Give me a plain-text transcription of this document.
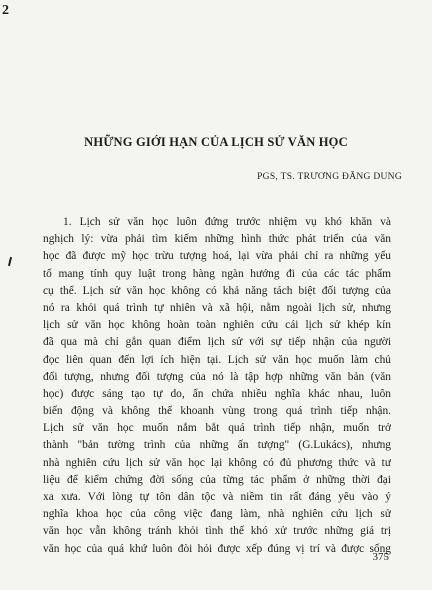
2
NHỮNG GIỚI HẠN CỦA LỊCH SỬ VĂN HỌC
PGS, TS. TRƯƠNG ĐĂNG DUNG
1. Lịch sử văn học luôn đứng trước nhiệm vụ khó khăn và
nghịch lý: vừa phải tìm kiếm những hình thức phát triển của văn
học đã được mỹ học trừu tượng hoá, lại vừa phải chỉ ra những yếu
tố mang tính quy luật trong hàng ngàn hướng đi của các tác phẩm
cụ thể. Lịch sử văn học không có khả năng tách biệt đối tượng của
nó ra khỏi quá trình tự nhiên và xã hội, nằm ngoài lịch sử, nhưng
lịch sử văn học không hoàn toàn nghiên cứu cái lịch sử khép kín
đã qua mà chỉ gắn quan điểm lịch sử với sự tiếp nhận của người
đọc liên quan đến lợi ích hiện tại. Lịch sử văn học muốn làm chủ
đối tượng, nhưng đối tượng của nó là tập hợp những văn bản (văn
học) được sáng tạo tự do, ẩn chứa nhiều nghĩa khác nhau, luôn
biến động và không thể khoanh vùng trong quá trình tiếp nhận.
Lịch sử văn học muốn nắm bắt quá trình tiếp nhận, muốn trở
thành "bản tường trình của những ấn tượng" (G.Lukács), nhưng
nhà nghiên cứu lịch sử văn học lại không có đủ phương thức và tư
liệu để kiểm chứng đời sống của từng tác phẩm ở những thời đại
xa xưa. Với lòng tự tôn dân tộc và niềm tin rất đáng yêu vào ý
nghĩa khoa học của công việc đang làm, nhà nghiên cứu lịch sử
văn học vẫn không tránh khỏi tình thế khó xử trước những giá trị
văn học của quá khứ luôn đòi hỏi được xếp đúng vị trí và được sống
375
